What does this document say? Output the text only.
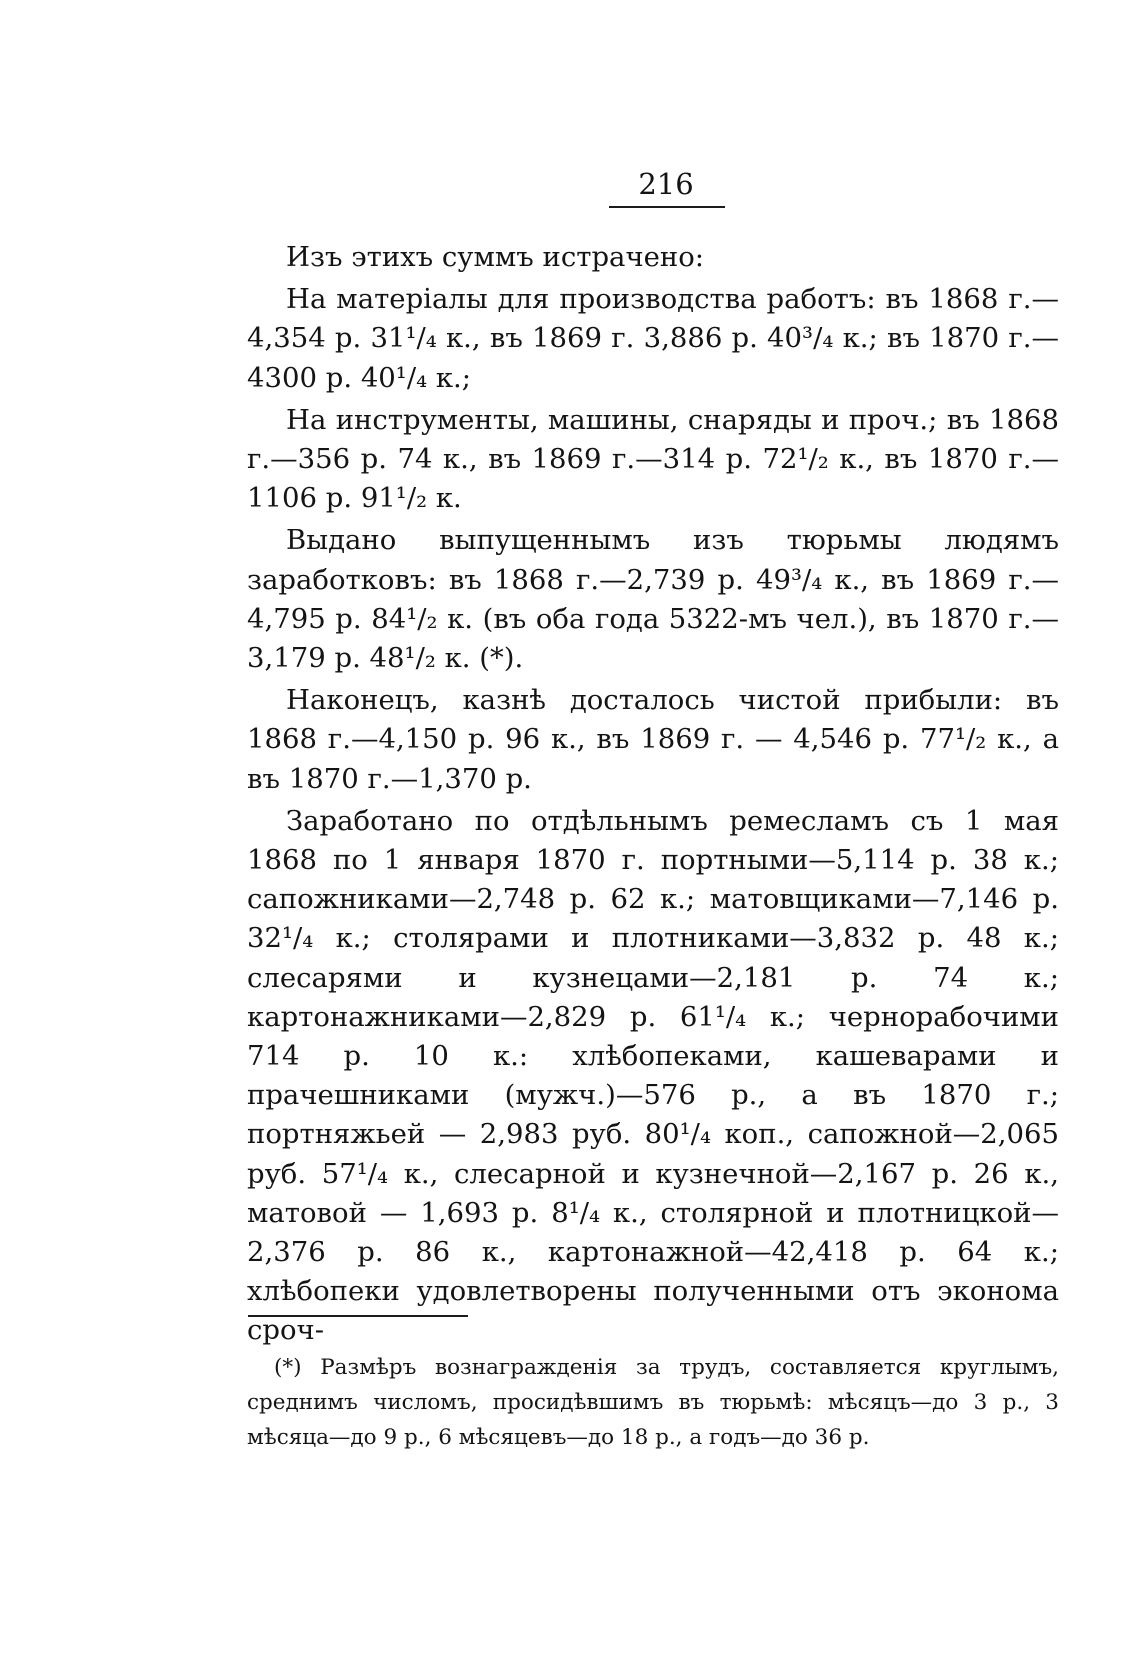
216

Изъ этихъ суммъ истрачено:

На матеріалы для производства работъ: въ 1868 г.—4,354 р. 31¹/₄ к., въ 1869 г. 3,886 р. 40³/₄ к.; въ 1870 г.—4300 р. 40¹/₄ к.;

На инструменты, машины, снаряды и проч.; въ 1868 г.—356 р. 74 к., въ 1869 г.—314 р. 72¹/₂ к., въ 1870 г.—1106 р. 91¹/₂ к.

Выдано выпущеннымъ изъ тюрьмы людямъ заработковъ: въ 1868 г.—2,739 р. 49³/₄ к., въ 1869 г.—4,795 р. 84¹/₂ к. (въ оба года 5322-мъ чел.), въ 1870 г.—3,179 р. 48¹/₂ к. (*).

Наконецъ, казнѣ досталось чистой прибыли: въ 1868 г.—4,150 р. 96 к., въ 1869 г. — 4,546 р. 77¹/₂ к., а въ 1870 г.—1,370 р.

Заработано по отдѣльнымъ ремесламъ съ 1 мая 1868 по 1 января 1870 г. портными—5,114 р. 38 к.; сапожниками—2,748 р. 62 к.; матовщиками—7,146 р. 32¹/₄ к.; столярами и плотниками—3,832 р. 48 к.; слесарями и кузнецами—2,181 р. 74 к.; картонажниками—2,829 р. 61¹/₄ к.; чернорабочими 714 р. 10 к.: хлѣбопеками, кашеварами и прачешниками (мужч.)—576 р., а въ 1870 г.; портняжьей — 2,983 руб. 80¹/₄ коп., сапожной—2,065 руб. 57¹/₄ к., слесарной и кузнечной—2,167 р. 26 к., матовой — 1,693 р. 8¹/₄ к., столярной и плотницкой—2,376 р. 86 к., картонажной—42,418 р. 64 к.; хлѣбопеки удовлетворены полученными отъ эконома сроч-

(*) Размѣръ вознагражденія за трудъ, составляется круглымъ, среднимъ числомъ, просидѣвшимъ въ тюрьмѣ: мѣсяцъ—до 3 р., 3 мѣсяца—до 9 р., 6 мѣсяцевъ—до 18 р., а годъ—до 36 р.
